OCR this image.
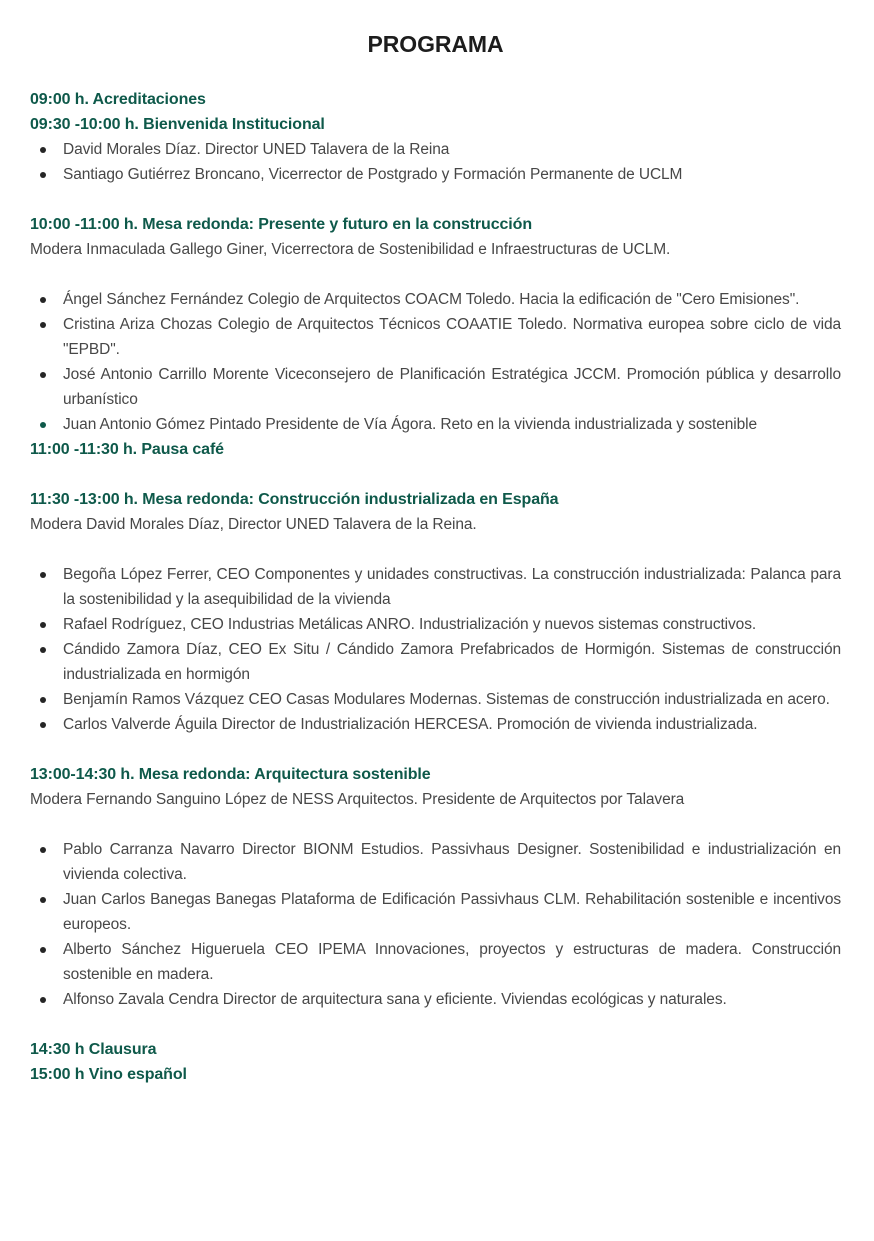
PROGRAMA
09:00 h. Acreditaciones
09:30 -10:00 h. Bienvenida Institucional
David Morales Díaz. Director UNED Talavera de la Reina
Santiago Gutiérrez Broncano, Vicerrector de Postgrado y Formación Permanente de UCLM
10:00 -11:00 h. Mesa redonda: Presente y futuro en la construcción

Modera Inmaculada Gallego Giner, Vicerrectora de Sostenibilidad e Infraestructuras de UCLM.

Ángel Sánchez Fernández Colegio de Arquitectos COACM Toledo. Hacia la edificación de "Cero Emisiones".
Cristina Ariza Chozas Colegio de Arquitectos Técnicos COAATIE Toledo. Normativa europea sobre ciclo de vida "EPBD".
José Antonio Carrillo Morente Viceconsejero de Planificación Estratégica JCCM. Promoción pública y desarrollo urbanístico
Juan Antonio Gómez Pintado Presidente de Vía Ágora. Reto en la vivienda industrializada y sostenible
11:00 -11:30 h. Pausa café
11:30 -13:00 h. Mesa redonda: Construcción industrializada en España

Modera David Morales Díaz, Director UNED Talavera de la Reina.

Begoña López Ferrer, CEO Componentes y unidades constructivas. La construcción industrializada: Palanca para la sostenibilidad y la asequibilidad de la vivienda
Rafael Rodríguez, CEO Industrias Metálicas ANRO. Industrialización y nuevos sistemas constructivos.
Cándido Zamora Díaz, CEO Ex Situ / Cándido Zamora Prefabricados de Hormigón. Sistemas de construcción industrializada en hormigón
Benjamín Ramos Vázquez CEO Casas Modulares Modernas. Sistemas de construcción industrializada en acero.
Carlos Valverde Águila Director de Industrialización HERCESA. Promoción de vivienda industrializada.
13:00-14:30 h. Mesa redonda: Arquitectura sostenible

Modera Fernando Sanguino López de NESS Arquitectos. Presidente de Arquitectos por Talavera

Pablo Carranza Navarro Director BIONM Estudios. Passivhaus Designer. Sostenibilidad e industrialización en vivienda colectiva.
Juan Carlos Banegas Banegas Plataforma de Edificación Passivhaus CLM. Rehabilitación sostenible e incentivos europeos.
Alberto Sánchez Higueruela CEO IPEMA Innovaciones, proyectos y estructuras de madera. Construcción sostenible en madera.
Alfonso Zavala Cendra Director de arquitectura sana y eficiente. Viviendas ecológicas y naturales.
14:30 h Clausura
15:00 h Vino español
